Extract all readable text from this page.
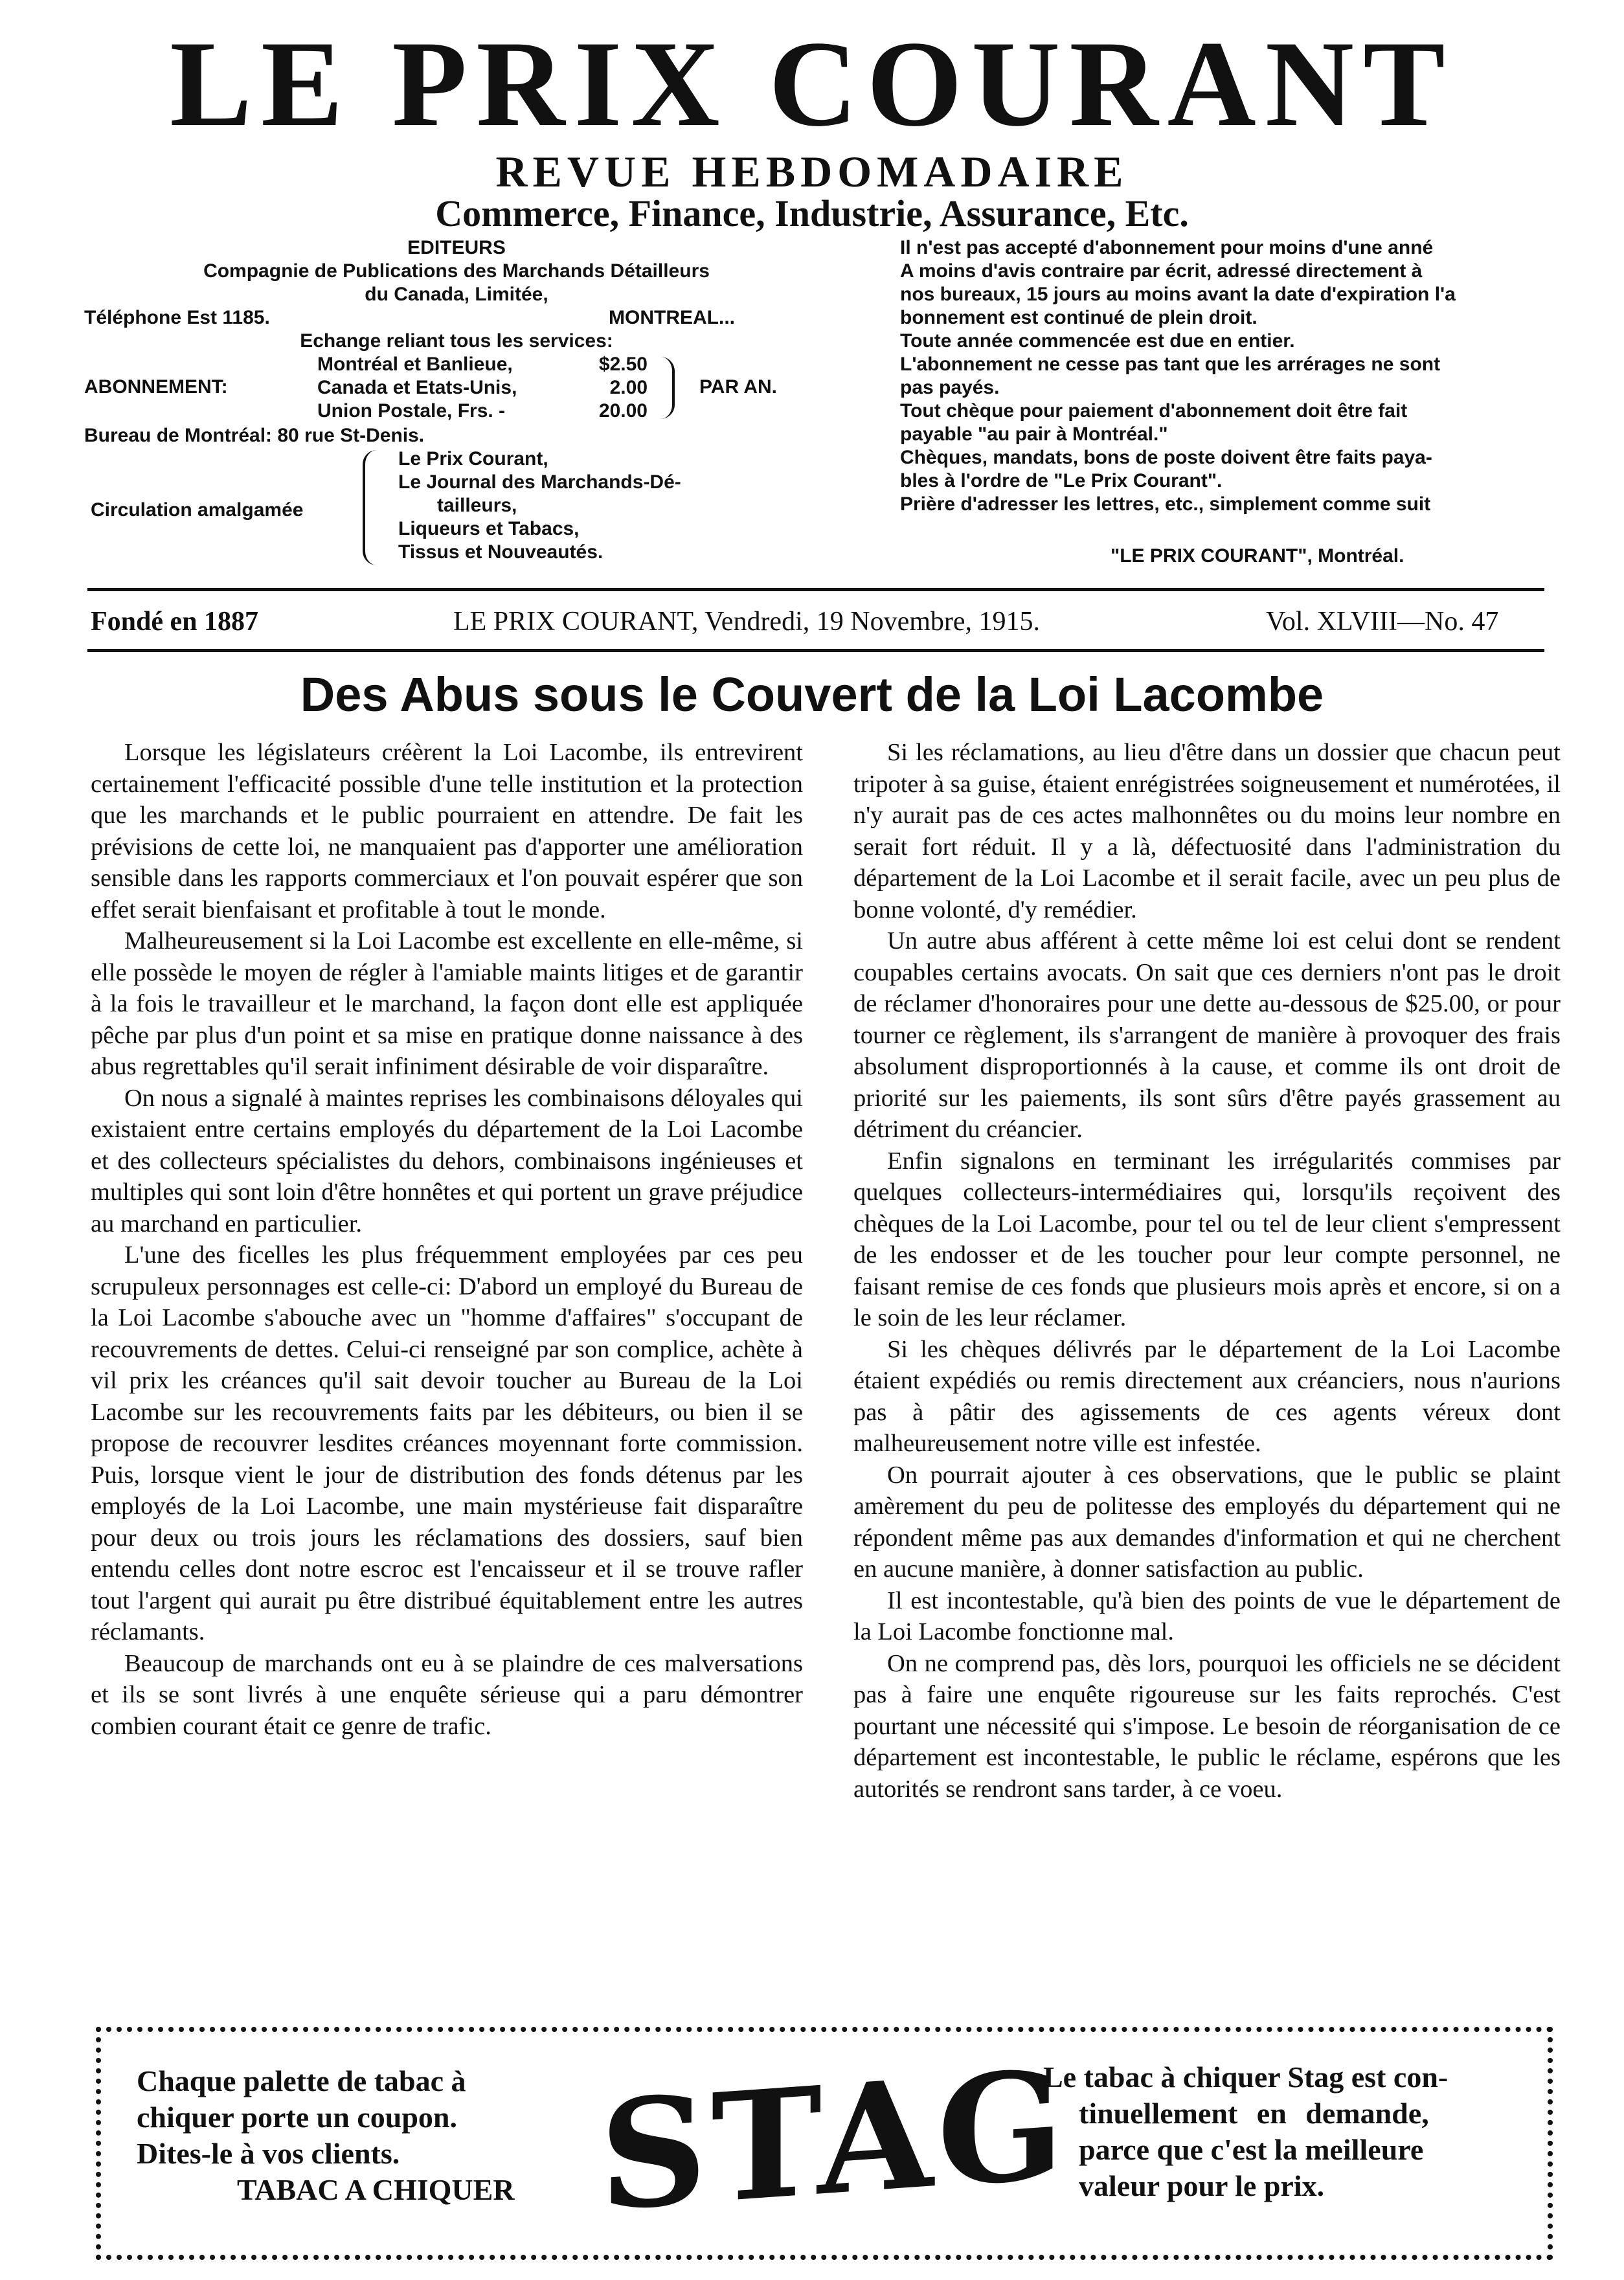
LE PRIX COURANT
REVUE HEBDOMADAIRE
Commerce, Finance, Industrie, Assurance, Etc.
EDITEURS
Compagnie de Publications des Marchands Détailleurs
du Canada, Limitée,
Téléphone Est 1185.	MONTREAL...
Echange reliant tous les services:
ABONNEMENT:
Montréal et Banlieue,	$2.50
Canada et Etats-Unis,	2.00
Union Postale, Frs. -	20.00
PAR AN.
Bureau de Montréal: 80 rue St-Denis.
Circulation amalgamée
Le Prix Courant,
Le Journal des Marchands-Dé-
tailleurs,
Liqueurs et Tabacs,
Tissus et Nouveautés.
Il n'est pas accepté d'abonnement pour moins d'une anné
A moins d'avis contraire par écrit, adressé directement à
nos bureaux, 15 jours au moins avant la date d'expiration l'a
bonnement est continué de plein droit.
Toute année commencée est due en entier.
L'abonnement ne cesse pas tant que les arrérages ne sont
pas payés.
Tout chèque pour paiement d'abonnement doit être fait
payable "au pair à Montréal."
Chèques, mandats, bons de poste doivent être faits paya-
bles à l'ordre de "Le Prix Courant".
Prière d'adresser les lettres, etc., simplement comme suit
"LE PRIX COURANT", Montréal.
Fondé en 1887	LE PRIX COURANT, Vendredi, 19 Novembre, 1915.	Vol. XLVIII—No. 47
Des Abus sous le Couvert de la Loi Lacombe

Lorsque les législateurs créèrent la Loi Lacombe, ils entrevirent certainement l'efficacité possible d'une telle institution et la protection que les marchands et le public pourraient en attendre. De fait les prévisions de cette loi, ne manquaient pas d'apporter une amélioration sensible dans les rapports commerciaux et l'on pouvait espérer que son effet serait bienfaisant et profitable à tout le monde.

Malheureusement si la Loi Lacombe est excellente en elle-même, si elle possède le moyen de régler à l'amiable maints litiges et de garantir à la fois le travailleur et le marchand, la façon dont elle est appliquée pêche par plus d'un point et sa mise en pratique donne naissance à des abus regrettables qu'il serait infiniment désirable de voir disparaître.

On nous a signalé à maintes reprises les combinaisons déloyales qui existaient entre certains employés du département de la Loi Lacombe et des collecteurs spécialistes du dehors, combinaisons ingénieuses et multiples qui sont loin d'être honnêtes et qui portent un grave préjudice au marchand en particulier.

L'une des ficelles les plus fréquemment employées par ces peu scrupuleux personnages est celle-ci: D'abord un employé du Bureau de la Loi Lacombe s'abouche avec un "homme d'affaires" s'occupant de recouvrements de dettes. Celui-ci renseigné par son complice, achète à vil prix les créances qu'il sait devoir toucher au Bureau de la Loi Lacombe sur les recouvrements faits par les débiteurs, ou bien il se propose de recouvrer lesdites créances moyennant forte commission. Puis, lorsque vient le jour de distribution des fonds détenus par les employés de la Loi Lacombe, une main mystérieuse fait disparaître pour deux ou trois jours les réclamations des dossiers, sauf bien entendu celles dont notre escroc est l'encaisseur et il se trouve rafler tout l'argent qui aurait pu être distribué équitablement entre les autres réclamants.

Beaucoup de marchands ont eu à se plaindre de ces malversations et ils se sont livrés à une enquête sérieuse qui a paru démontrer combien courant était ce genre de trafic.

Si les réclamations, au lieu d'être dans un dossier que chacun peut tripoter à sa guise, étaient enrégistrées soigneusement et numérotées, il n'y aurait pas de ces actes malhonnêtes ou du moins leur nombre en serait fort réduit. Il y a là, défectuosité dans l'administration du département de la Loi Lacombe et il serait facile, avec un peu plus de bonne volonté, d'y remédier.

Un autre abus afférent à cette même loi est celui dont se rendent coupables certains avocats. On sait que ces derniers n'ont pas le droit de réclamer d'honoraires pour une dette au-dessous de $25.00, or pour tourner ce règlement, ils s'arrangent de manière à provoquer des frais absolument disproportionnés à la cause, et comme ils ont droit de priorité sur les paiements, ils sont sûrs d'être payés grassement au détriment du créancier.

Enfin signalons en terminant les irrégularités commises par quelques collecteurs-intermédiaires qui, lorsqu'ils reçoivent des chèques de la Loi Lacombe, pour tel ou tel de leur client s'empressent de les endosser et de les toucher pour leur compte personnel, ne faisant remise de ces fonds que plusieurs mois après et encore, si on a le soin de les leur réclamer.

Si les chèques délivrés par le département de la Loi Lacombe étaient expédiés ou remis directement aux créanciers, nous n'aurions pas à pâtir des agissements de ces agents véreux dont malheureusement notre ville est infestée.

On pourrait ajouter à ces observations, que le public se plaint amèrement du peu de politesse des employés du département qui ne répondent même pas aux demandes d'information et qui ne cherchent en aucune manière, à donner satisfaction au public.

Il est incontestable, qu'à bien des points de vue le département de la Loi Lacombe fonctionne mal.

On ne comprend pas, dès lors, pourquoi les officiels ne se décident pas à faire une enquête rigoureuse sur les faits reprochés. C'est pourtant une nécessité qui s'impose. Le besoin de réorganisation de ce département est incontestable, le public le réclame, espérons que les autorités se rendront sans tarder, à ce voeu.

Chaque palette de tabac à
chiquer porte un coupon.
Dites-le à vos clients.
TABAC A CHIQUER STAG
Le tabac à chiquer Stag est con-
tinuellement en demande,
parce que c'est la meilleure
valeur pour le prix.
